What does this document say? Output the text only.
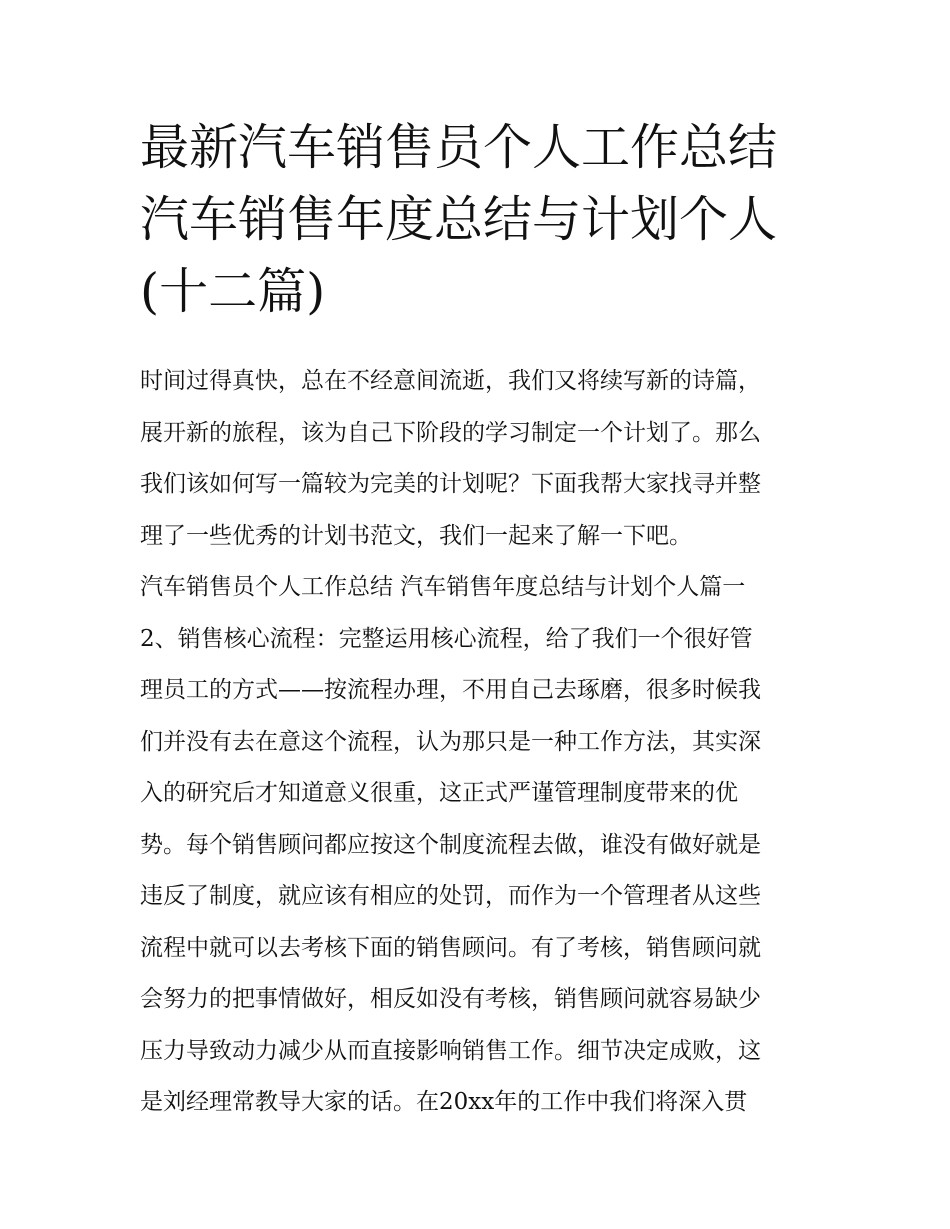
最新汽车销售员个人工作总结
汽车销售年度总结与计划个人
(十二篇)
时间过得真快，总在不经意间流逝，我们又将续写新的诗篇，
展开新的旅程，该为自己下阶段的学习制定一个计划了。那么
我们该如何写一篇较为完美的计划呢？下面我帮大家找寻并整
理了一些优秀的计划书范文，我们一起来了解一下吧。
汽车销售员个人工作总结 汽车销售年度总结与计划个人篇一
2、销售核心流程：完整运用核心流程，给了我们一个很好管
理员工的方式——按流程办理，不用自己去琢磨，很多时候我
们并没有去在意这个流程，认为那只是一种工作方法，其实深
入的研究后才知道意义很重，这正式严谨管理制度带来的优
势。每个销售顾问都应按这个制度流程去做，谁没有做好就是
违反了制度，就应该有相应的处罚，而作为一个管理者从这些
流程中就可以去考核下面的销售顾问。有了考核，销售顾问就
会努力的把事情做好，相反如没有考核，销售顾问就容易缺少
压力导致动力减少从而直接影响销售工作。细节决定成败，这
是刘经理常教导大家的话。在20xx年的工作中我们将深入贯
